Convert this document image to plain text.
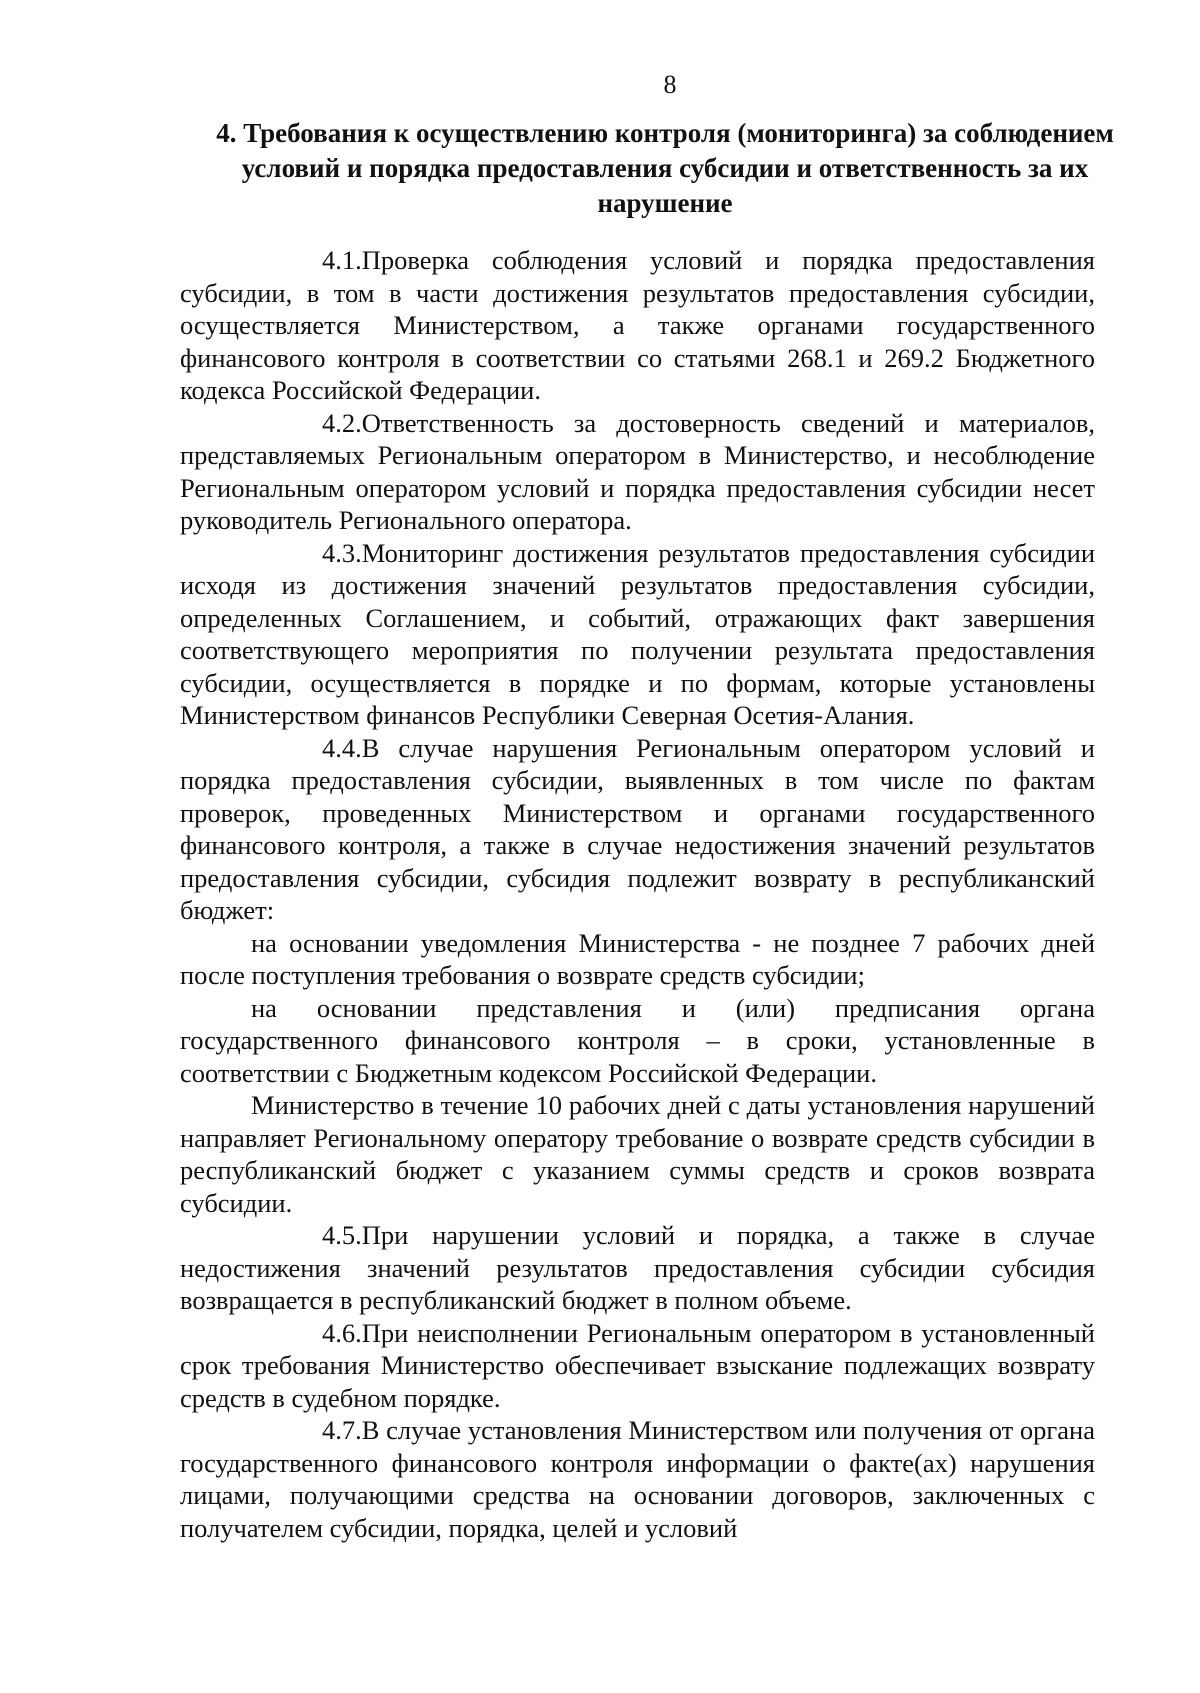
8
4. Требования к осуществлению контроля (мониторинга) за соблюдением условий и порядка предоставления субсидии и ответственность за их нарушение

4.1.Проверка соблюдения условий и порядка предоставления субсидии, в том в части достижения результатов предоставления субсидии, осуществляется Министерством, а также органами государственного финансового контроля в соответствии со статьями 268.1 и 269.2 Бюджетного кодекса Российской Федерации.

4.2.Ответственность за достоверность сведений и материалов, представляемых Региональным оператором в Министерство, и несоблюдение Региональным оператором условий и порядка предоставления субсидии несет руководитель Регионального оператора.

4.3.Мониторинг достижения результатов предоставления субсидии исходя из достижения значений результатов предоставления субсидии, определенных Соглашением, и событий, отражающих факт завершения соответствующего мероприятия по получении результата предоставления субсидии, осуществляется в порядке и по формам, которые установлены Министерством финансов Республики Северная Осетия-Алания.

4.4.В случае нарушения Региональным оператором условий и порядка предоставления субсидии, выявленных в том числе по фактам проверок, проведенных Министерством и органами государственного финансового контроля, а также в случае недостижения значений результатов предоставления субсидии, субсидия подлежит возврату в республиканский бюджет:

на основании уведомления Министерства - не позднее 7 рабочих дней после поступления требования о возврате средств субсидии;

на основании представления и (или) предписания органа государственного финансового контроля – в сроки, установленные в соответствии с Бюджетным кодексом Российской Федерации.

Министерство в течение 10 рабочих дней с даты установления нарушений направляет Региональному оператору требование о возврате средств субсидии в республиканский бюджет с указанием суммы средств и сроков возврата субсидии.

4.5.При нарушении условий и порядка, а также в случае недостижения значений результатов предоставления субсидии субсидия возвращается в республиканский бюджет в полном объеме.

4.6.При неисполнении Региональным оператором в установленный срок требования Министерство обеспечивает взыскание подлежащих возврату средств в судебном порядке.

4.7.В случае установления Министерством или получения от органа государственного финансового контроля информации о факте(ах) нарушения лицами, получающими средства на основании договоров, заключенных с получателем субсидии, порядка, целей и условий
